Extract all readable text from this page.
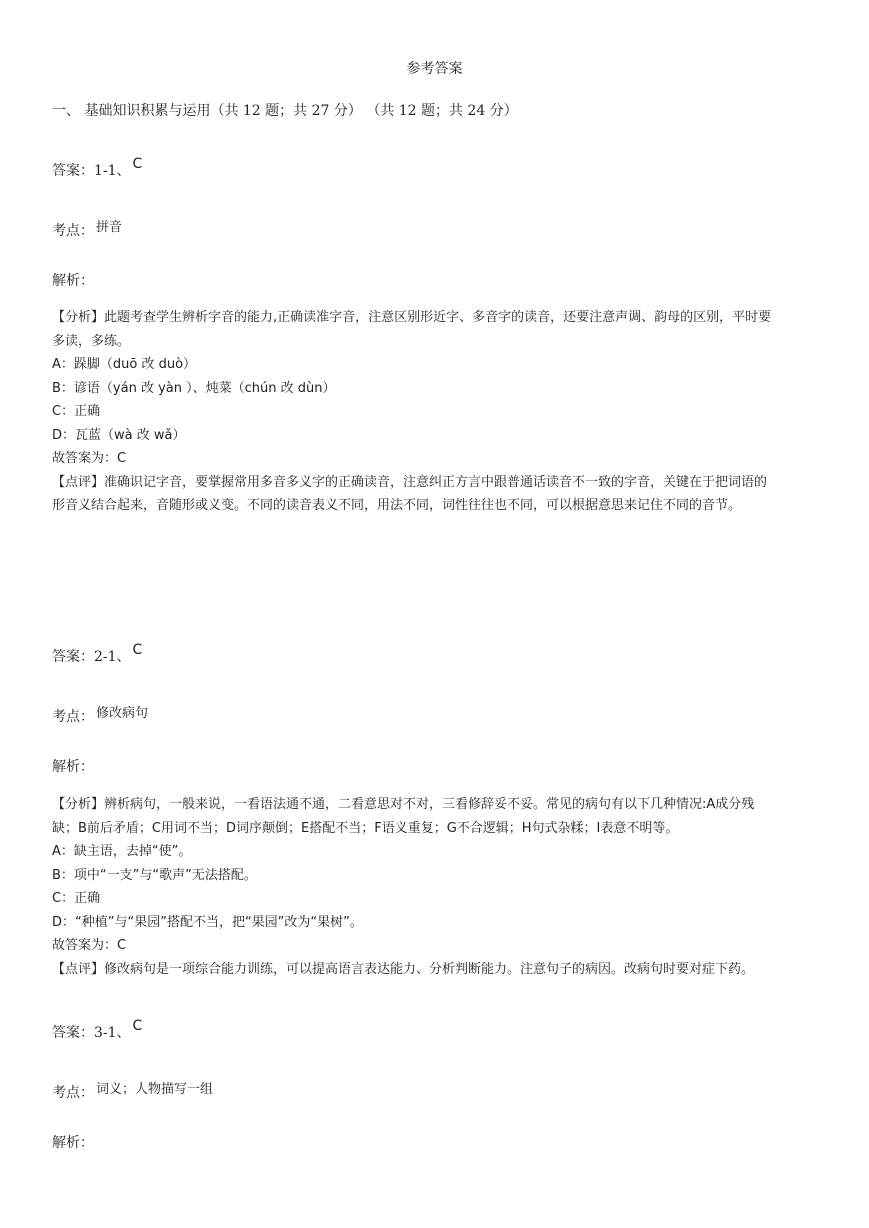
参考答案
一、 基础知识积累与运用（共 12 题；共 27 分） （共 12 题；共 24 分）
答案：1-1、 C
考点： 拼音
解析：
【分析】此题考查学生辨析字音的能力,正确读准字音，注意区别形近字、多音字的读音，还要注意声调、韵母的区别，平时要
多读，多练。
A：跺脚（duō 改 duò）
B：谚语（yán 改 yàn ）、炖菜（chún 改 dùn）
C：正确
D：瓦蓝（wà 改 wǎ）
故答案为：C
【点评】准确识记字音，要掌握常用多音多义字的正确读音，注意纠正方言中跟普通话读音不一致的字音，关键在于把词语的
形音义结合起来，音随形或义变。不同的读音表义不同，用法不同，词性往往也不同，可以根据意思来记住不同的音节。
答案：2-1、 C
考点： 修改病句
解析：
【分析】辨析病句，一般来说，一看语法通不通，二看意思对不对，三看修辞妥不妥。常见的病句有以下几种情况:A成分残
缺；B前后矛盾；C用词不当；D词序颠倒；E搭配不当；F语义重复；G不合逻辑；H句式杂糅；I表意不明等。
A：缺主语，去掉“使”。
B：项中“一支”与“歌声”无法搭配。
C：正确
D：“种植”与“果园”搭配不当，把“果园”改为“果树”。
故答案为：C
【点评】修改病句是一项综合能力训练，可以提高语言表达能力、分析判断能力。注意句子的病因。改病句时要对症下药。
答案：3-1、 C
考点： 词义；人物描写一组
解析：
